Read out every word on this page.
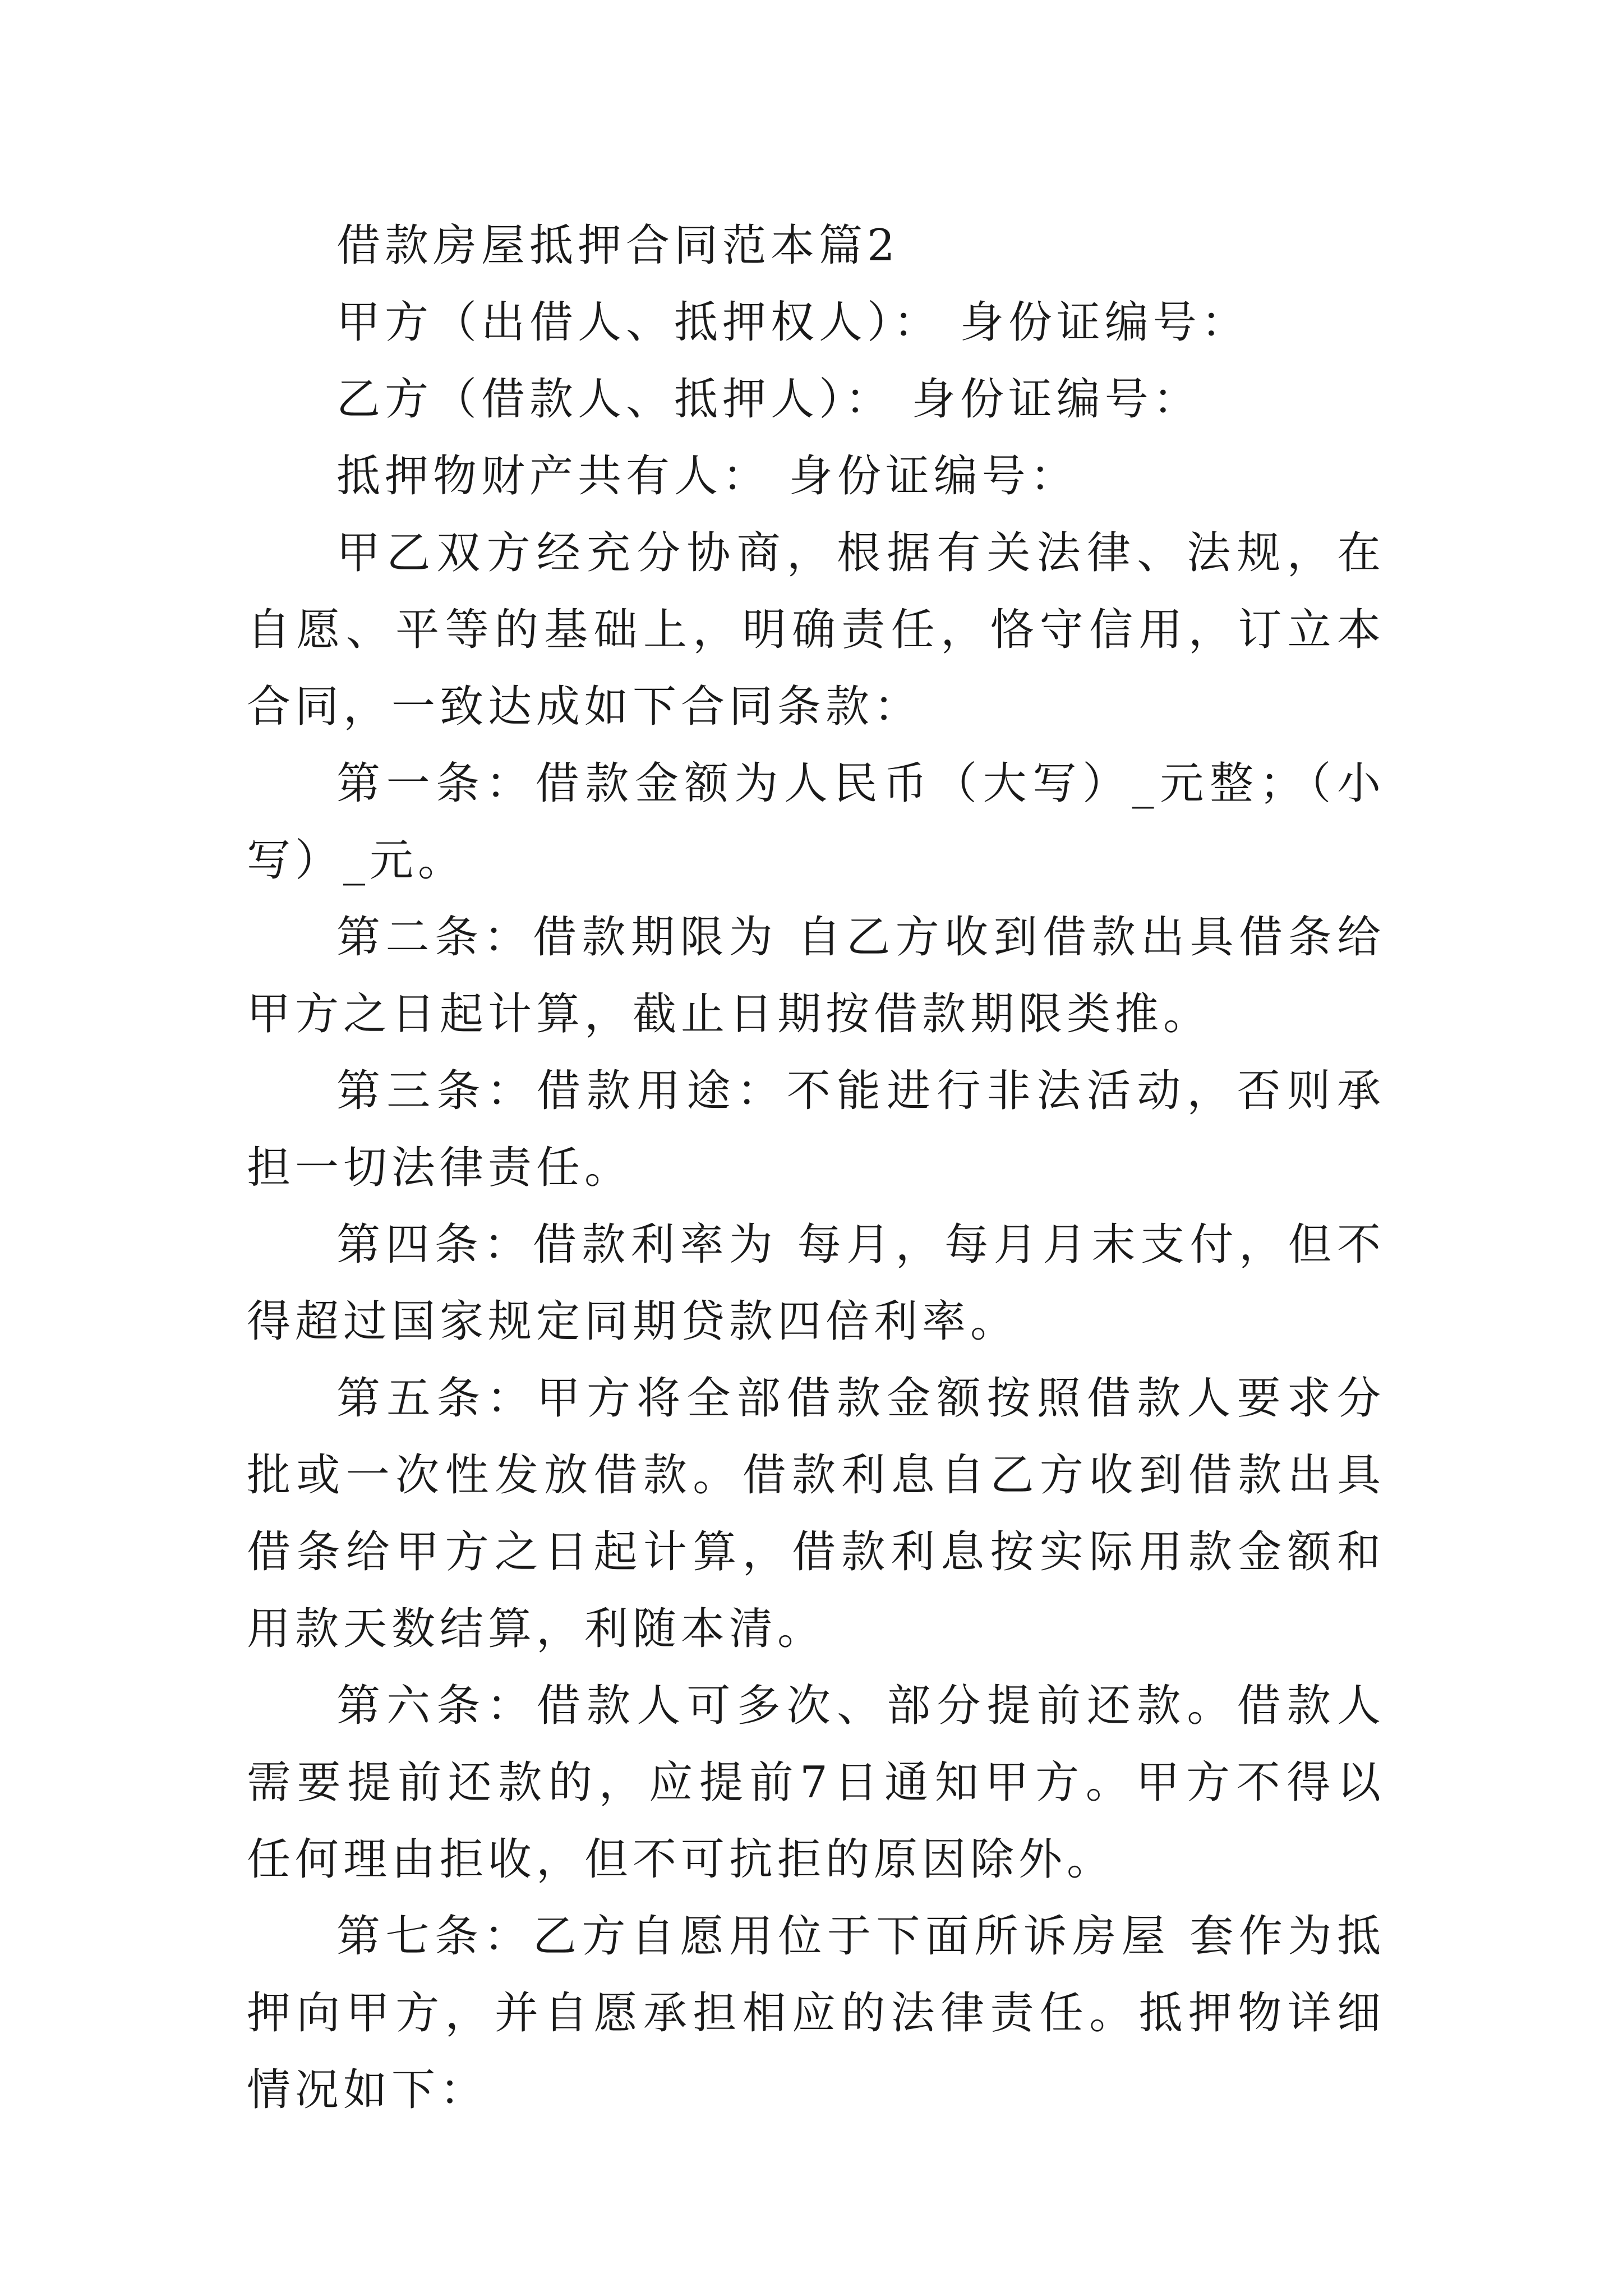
借款房屋抵押合同范本篇2

甲方（出借人、抵押权人）： 身份证编号：

乙方（借款人、抵押人）： 身份证编号：

抵押物财产共有人： 身份证编号：

甲乙双方经充分协商，根据有关法律、法规，在自愿、平等的基础上，明确责任，恪守信用，订立本合同，一致达成如下合同条款：

第一条：借款金额为人民币（大写）_元整；（小写）_元。

第二条：借款期限为 自乙方收到借款出具借条给甲方之日起计算，截止日期按借款期限类推。

第三条：借款用途：不能进行非法活动，否则承担一切法律责任。

第四条：借款利率为 每月，每月月末支付，但不得超过国家规定同期贷款四倍利率。

第五条：甲方将全部借款金额按照借款人要求分批或一次性发放借款。借款利息自乙方收到借款出具借条给甲方之日起计算，借款利息按实际用款金额和用款天数结算，利随本清。

第六条：借款人可多次、部分提前还款。借款人需要提前还款的，应提前7日通知甲方。甲方不得以任何理由拒收，但不可抗拒的原因除外。

第七条：乙方自愿用位于下面所诉房屋 套作为抵押向甲方，并自愿承担相应的法律责任。抵押物详细情况如下：
